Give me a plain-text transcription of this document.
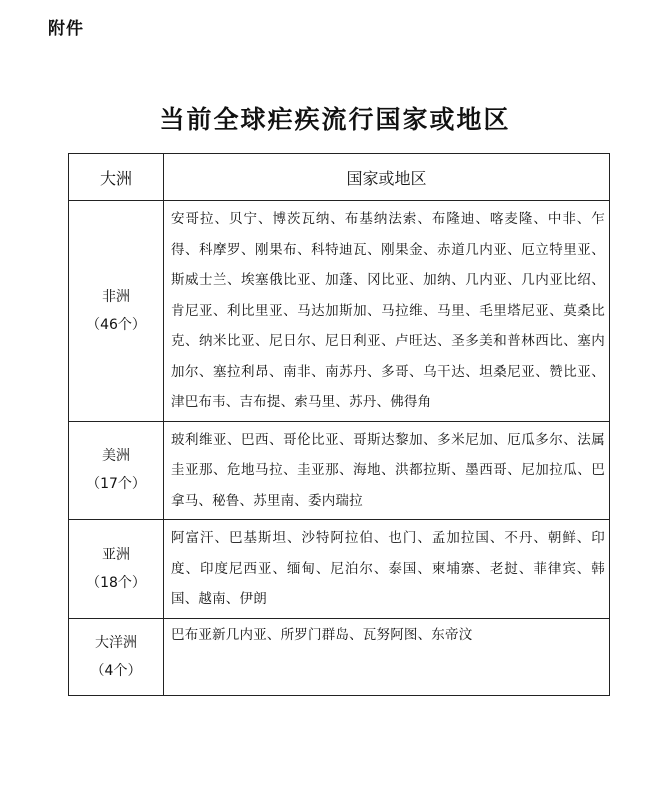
附件
当前全球疟疾流行国家或地区
大洲	国家或地区

非洲
（46个）	安哥拉、贝宁、博茨瓦纳、布基纳法索、布隆迪、喀麦隆、中非、乍得、科摩罗、刚果布、科特迪瓦、刚果金、赤道几内亚、厄立特里亚、斯威士兰、埃塞俄比亚、加蓬、冈比亚、加纳、几内亚、几内亚比绍、肯尼亚、利比里亚、马达加斯加、马拉维、马里、毛里塔尼亚、莫桑比克、纳米比亚、尼日尔、尼日利亚、卢旺达、圣多美和普林西比、塞内加尔、塞拉利昂、南非、南苏丹、多哥、乌干达、坦桑尼亚、赞比亚、津巴布韦、吉布提、索马里、苏丹、佛得角

美洲
（17个）	玻利维亚、巴西、哥伦比亚、哥斯达黎加、多米尼加、厄瓜多尔、法属圭亚那、危地马拉、圭亚那、海地、洪都拉斯、墨西哥、尼加拉瓜、巴拿马、秘鲁、苏里南、委内瑞拉

亚洲
（18个）	阿富汗、巴基斯坦、沙特阿拉伯、也门、孟加拉国、不丹、朝鲜、印度、印度尼西亚、缅甸、尼泊尔、泰国、柬埔寨、老挝、菲律宾、韩国、越南、伊朗

大洋洲
（4个）	巴布亚新几内亚、所罗门群岛、瓦努阿图、东帝汶
